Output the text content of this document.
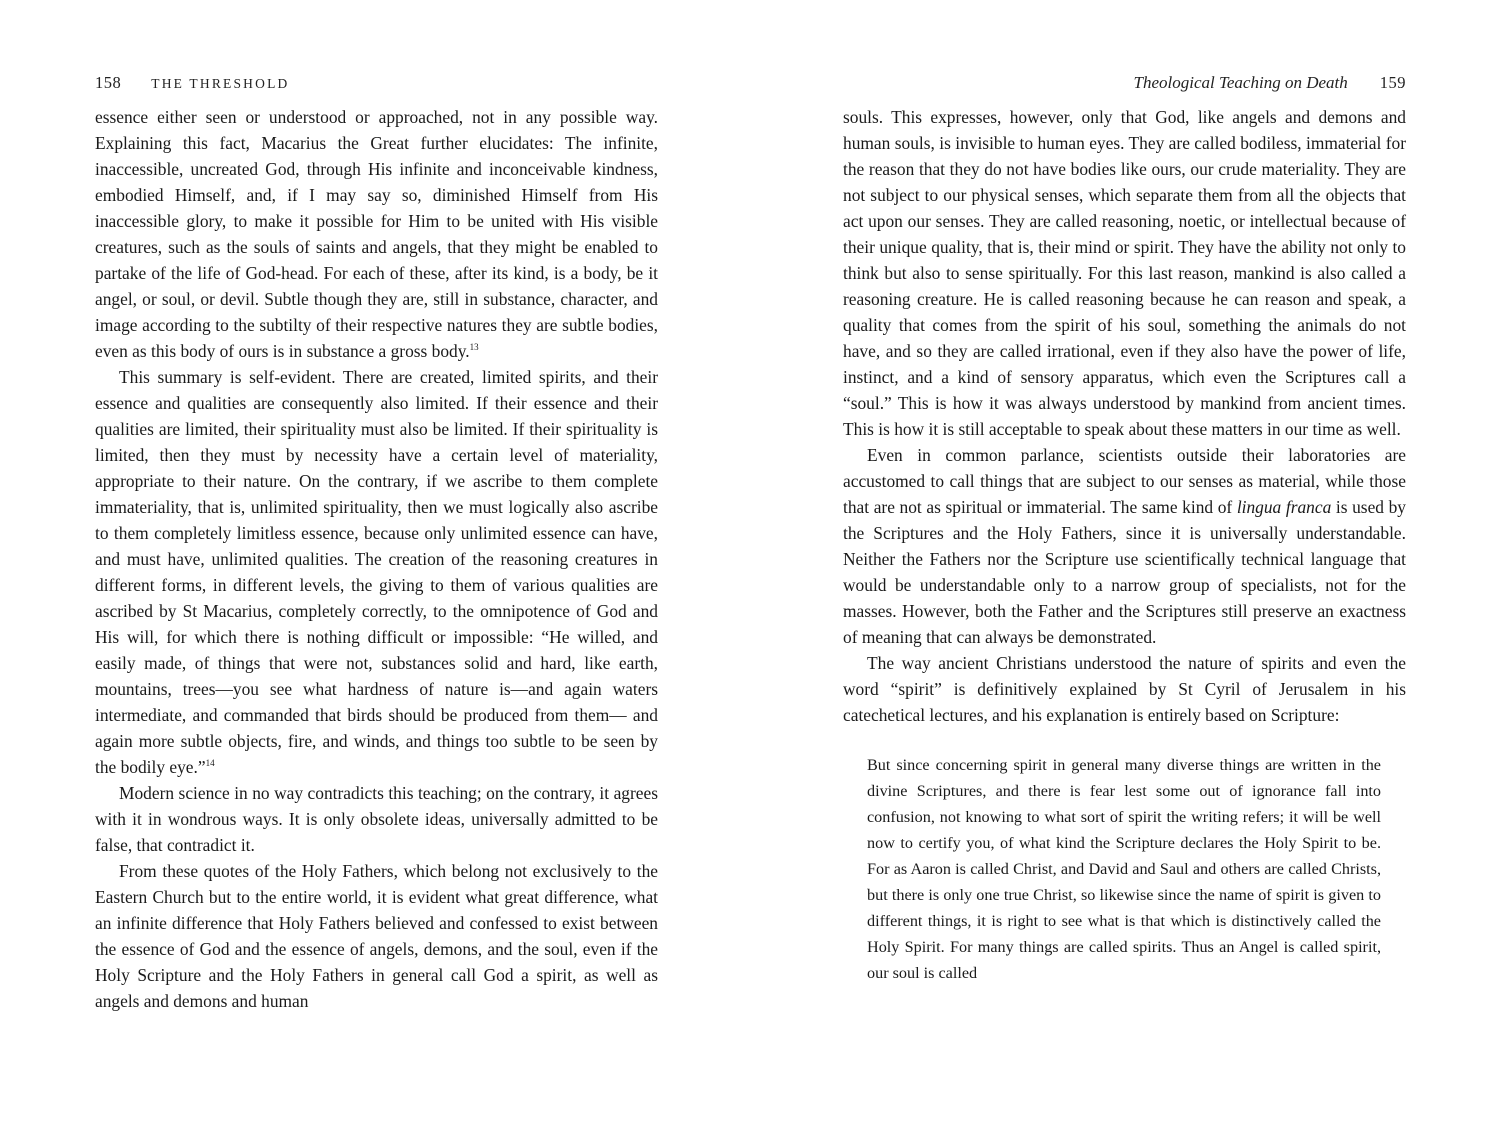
158 THE THRESHOLD

essence either seen or understood or approached, not in any possible way. Explaining this fact, Macarius the Great further elucidates: The infinite, inaccessible, uncreated God, through His infinite and inconceivable kindness, embodied Himself, and, if I may say so, diminished Himself from His inaccessible glory, to make it possible for Him to be united with His visible creatures, such as the souls of saints and angels, that they might be enabled to partake of the life of God-head. For each of these, after its kind, is a body, be it angel, or soul, or devil. Subtle though they are, still in substance, character, and image according to the subtilty of their respective natures they are subtle bodies, even as this body of ours is in substance a gross body.$^{13}$

This summary is self-evident. There are created, limited spirits, and their essence and qualities are consequently also limited. If their essence and their qualities are limited, their spirituality must also be limited. If their spirituality is limited, then they must by necessity have a certain level of materiality, appropriate to their nature. On the contrary, if we ascribe to them complete immateriality, that is, unlimited spirituality, then we must logically also ascribe to them completely limitless essence, because only unlimited essence can have, and must have, unlimited qualities. The creation of the reasoning creatures in different forms, in different levels, the giving to them of various qualities are ascribed by St Macarius, completely correctly, to the omnipotence of God and His will, for which there is nothing difficult or impossible: “He willed, and easily made, of things that were not, substances solid and hard, like earth, mountains, trees—you see what hardness of nature is—and again waters intermediate, and commanded that birds should be produced from them— and again more subtle objects, fire, and winds, and things too subtle to be seen by the bodily eye.”$^{14}$

Modern science in no way contradicts this teaching; on the contrary, it agrees with it in wondrous ways. It is only obsolete ideas, universally admitted to be false, that contradict it.

From these quotes of the Holy Fathers, which belong not exclusively to the Eastern Church but to the entire world, it is evident what great difference, what an infinite difference that Holy Fathers believed and confessed to exist between the essence of God and the essence of angels, demons, and the soul, even if the Holy Scripture and the Holy Fathers in general call God a spirit, as well as angels and demons and human

Theological Teaching on Death 159

souls. This expresses, however, only that God, like angels and demons and human souls, is invisible to human eyes. They are called bodiless, immaterial for the reason that they do not have bodies like ours, our crude materiality. They are not subject to our physical senses, which separate them from all the objects that act upon our senses. They are called reasoning, noetic, or intellectual because of their unique quality, that is, their mind or spirit. They have the ability not only to think but also to sense spiritually. For this last reason, mankind is also called a reasoning creature. He is called reasoning because he can reason and speak, a quality that comes from the spirit of his soul, something the animals do not have, and so they are called irrational, even if they also have the power of life, instinct, and a kind of sensory apparatus, which even the Scriptures call a “soul.” This is how it was always understood by mankind from ancient times. This is how it is still acceptable to speak about these matters in our time as well.

Even in common parlance, scientists outside their laboratories are accustomed to call things that are subject to our senses as material, while those that are not as spiritual or immaterial. The same kind of lingua franca is used by the Scriptures and the Holy Fathers, since it is universally understandable. Neither the Fathers nor the Scripture use scientifically technical language that would be understandable only to a narrow group of specialists, not for the masses. However, both the Father and the Scriptures still preserve an exactness of meaning that can always be demonstrated.

The way ancient Christians understood the nature of spirits and even the word “spirit” is definitively explained by St Cyril of Jerusalem in his catechetical lectures, and his explanation is entirely based on Scripture:

But since concerning spirit in general many diverse things are written in the divine Scriptures, and there is fear lest some out of ignorance fall into confusion, not knowing to what sort of spirit the writing refers; it will be well now to certify you, of what kind the Scripture declares the Holy Spirit to be. For as Aaron is called Christ, and David and Saul and others are called Christs, but there is only one true Christ, so likewise since the name of spirit is given to different things, it is right to see what is that which is distinctively called the Holy Spirit. For many things are called spirits. Thus an Angel is called spirit, our soul is called
